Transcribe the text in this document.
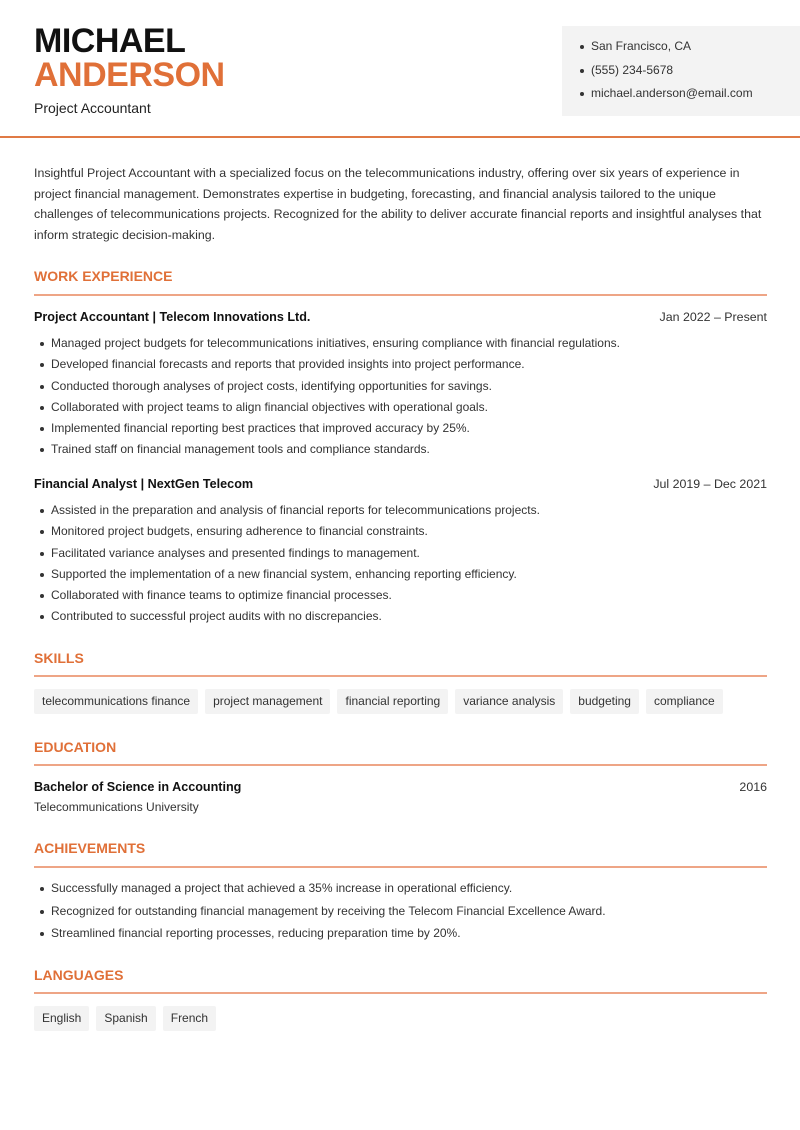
MICHAEL
ANDERSON
Project Accountant
San Francisco, CA
(555) 234-5678
michael.anderson@email.com

Insightful Project Accountant with a specialized focus on the telecommunications industry, offering over six years of experience in project financial management. Demonstrates expertise in budgeting, forecasting, and financial analysis tailored to the unique challenges of telecommunications projects. Recognized for the ability to deliver accurate financial reports and insightful analyses that inform strategic decision-making.

WORK EXPERIENCE
Project Accountant | Telecom Innovations Ltd.	Jan 2022 – Present
Managed project budgets for telecommunications initiatives, ensuring compliance with financial regulations.
Developed financial forecasts and reports that provided insights into project performance.
Conducted thorough analyses of project costs, identifying opportunities for savings.
Collaborated with project teams to align financial objectives with operational goals.
Implemented financial reporting best practices that improved accuracy by 25%.
Trained staff on financial management tools and compliance standards.
Financial Analyst | NextGen Telecom	Jul 2019 – Dec 2021
Assisted in the preparation and analysis of financial reports for telecommunications projects.
Monitored project budgets, ensuring adherence to financial constraints.
Facilitated variance analyses and presented findings to management.
Supported the implementation of a new financial system, enhancing reporting efficiency.
Collaborated with finance teams to optimize financial processes.
Contributed to successful project audits with no discrepancies.
SKILLS
telecommunications finance	project management	financial reporting	variance analysis	budgeting	compliance
EDUCATION
Bachelor of Science in Accounting	2016
Telecommunications University
ACHIEVEMENTS
Successfully managed a project that achieved a 35% increase in operational efficiency.
Recognized for outstanding financial management by receiving the Telecom Financial Excellence Award.
Streamlined financial reporting processes, reducing preparation time by 20%.
LANGUAGES
English	Spanish	French
